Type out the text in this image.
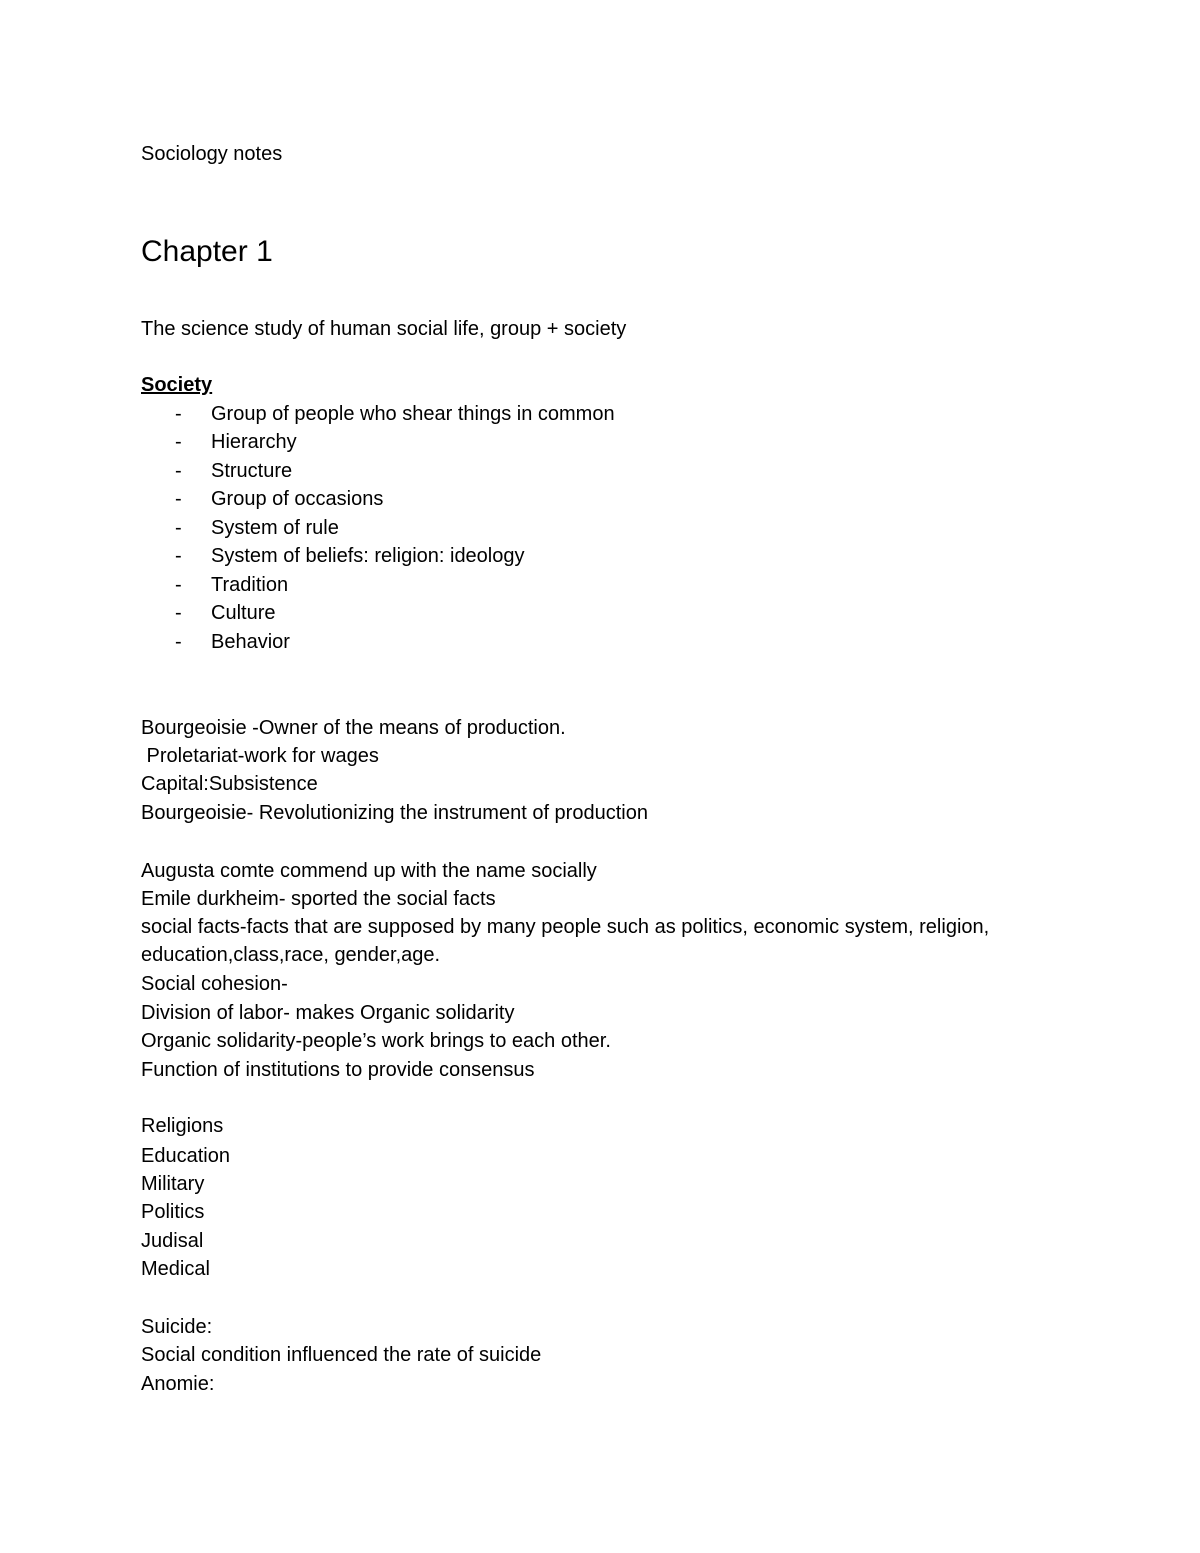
Sociology notes
Chapter 1
The science study of human social life, group + society
Society
- Group of people who shear things in common
- Hierarchy
- Structure
- Group of occasions
- System of rule
- System of beliefs: religion: ideology
- Tradition
- Culture
- Behavior
Bourgeoisie -Owner of the means of production.
Proletariat-work for wages
Capital:Subsistence
Bourgeoisie- Revolutionizing the instrument of production
Augusta comte commend up with the name socially
Emile durkheim- sported the social facts
social facts-facts that are supposed by many people such as politics, economic system, religion,
education,class,race, gender,age.
Social cohesion-
Division of labor- makes Organic solidarity
Organic solidarity-people’s work brings to each other.
Function of institutions to provide consensus
Religions
Education
Military
Politics
Judisal
Medical
Suicide:
Social condition influenced the rate of suicide
Anomie:
